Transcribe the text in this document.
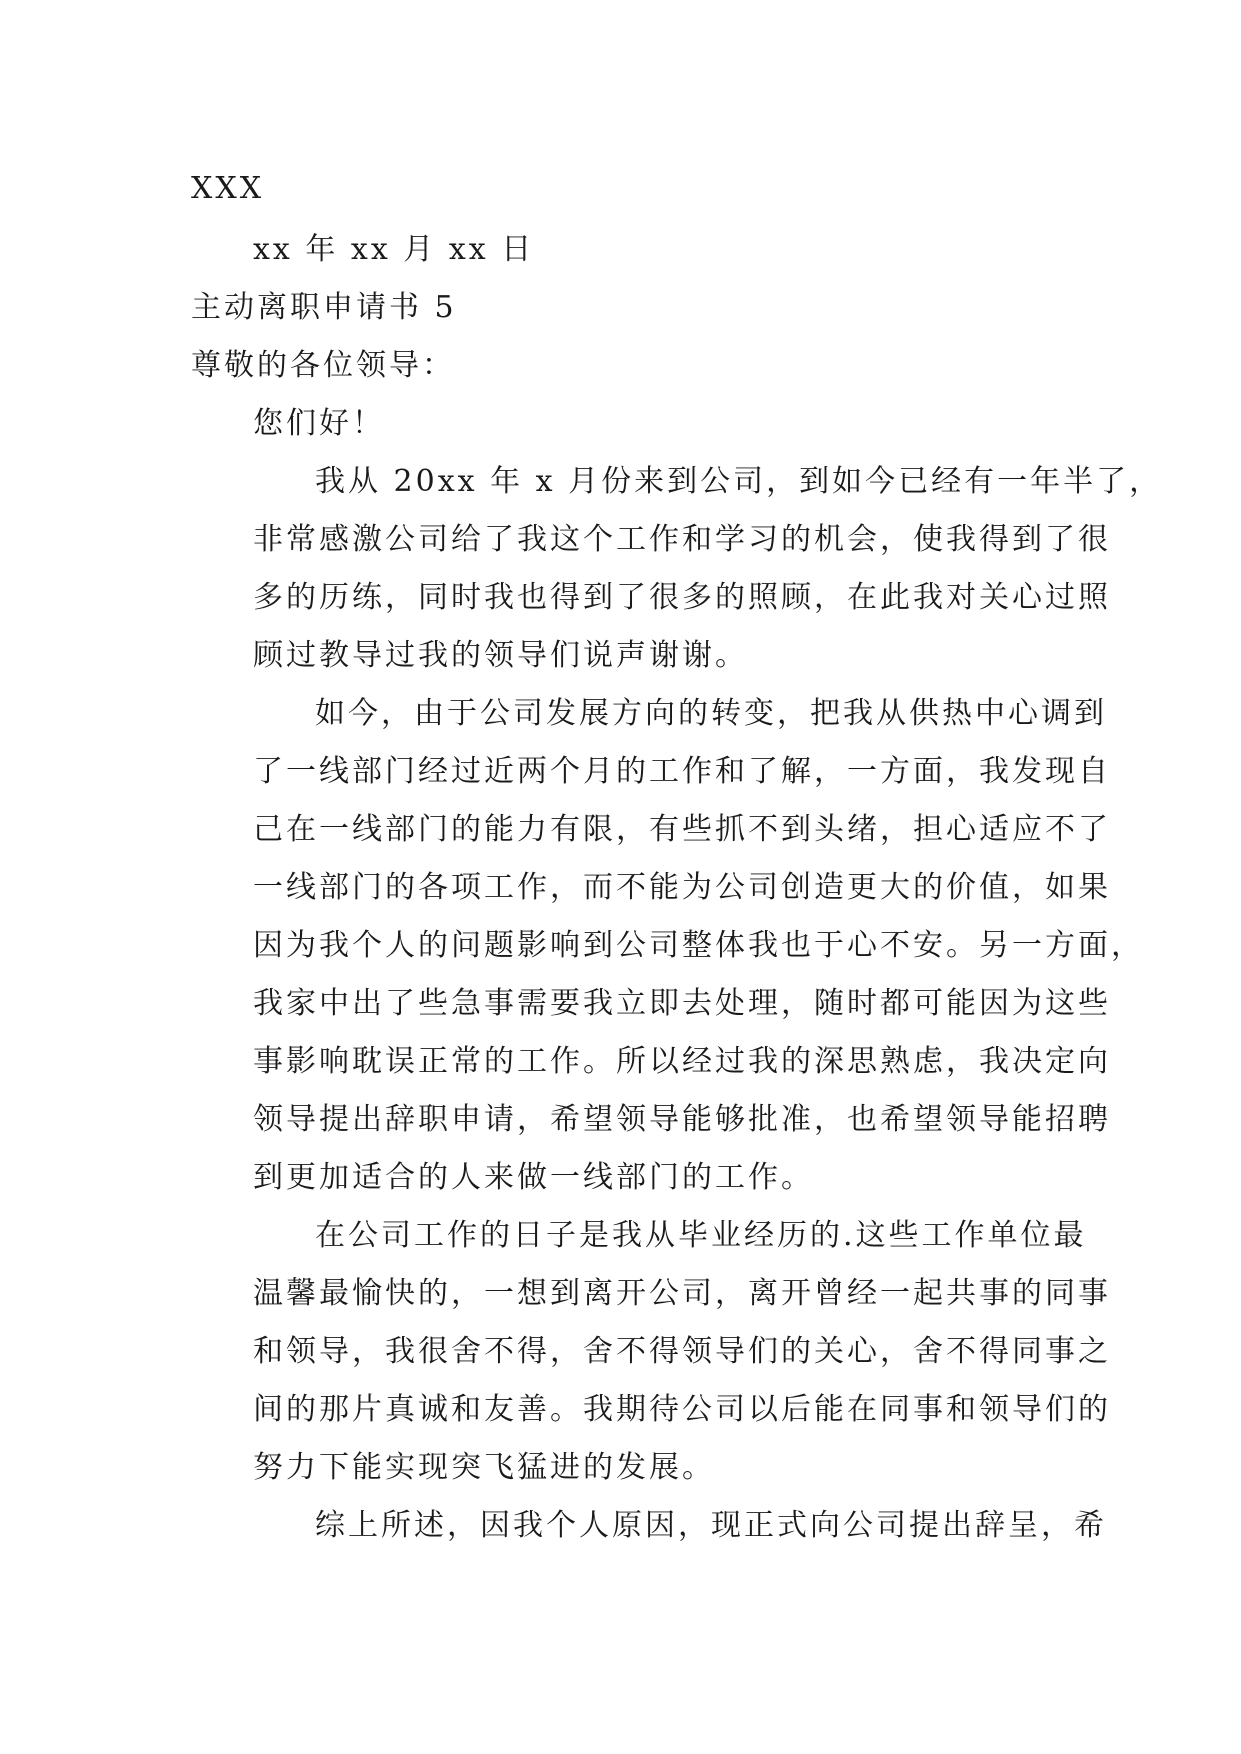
XXX
xx 年 xx 月 xx 日
主动离职申请书 5
尊敬的各位领导：
您们好！
我从 20xx 年 x 月份来到公司，到如今已经有一年半了，
非常感激公司给了我这个工作和学习的机会，使我得到了很
多的历练，同时我也得到了很多的照顾，在此我对关心过照
顾过教导过我的领导们说声谢谢。
如今，由于公司发展方向的转变，把我从供热中心调到
了一线部门经过近两个月的工作和了解，一方面，我发现自
己在一线部门的能力有限，有些抓不到头绪，担心适应不了
一线部门的各项工作，而不能为公司创造更大的价值，如果
因为我个人的问题影响到公司整体我也于心不安。另一方面，
我家中出了些急事需要我立即去处理，随时都可能因为这些
事影响耽误正常的工作。所以经过我的深思熟虑，我决定向
领导提出辞职申请，希望领导能够批准，也希望领导能招聘
到更加适合的人来做一线部门的工作。
在公司工作的日子是我从毕业经历的.这些工作单位最
温馨最愉快的，一想到离开公司，离开曾经一起共事的同事
和领导，我很舍不得，舍不得领导们的关心，舍不得同事之
间的那片真诚和友善。我期待公司以后能在同事和领导们的
努力下能实现突飞猛进的发展。
综上所述，因我个人原因，现正式向公司提出辞呈，希
